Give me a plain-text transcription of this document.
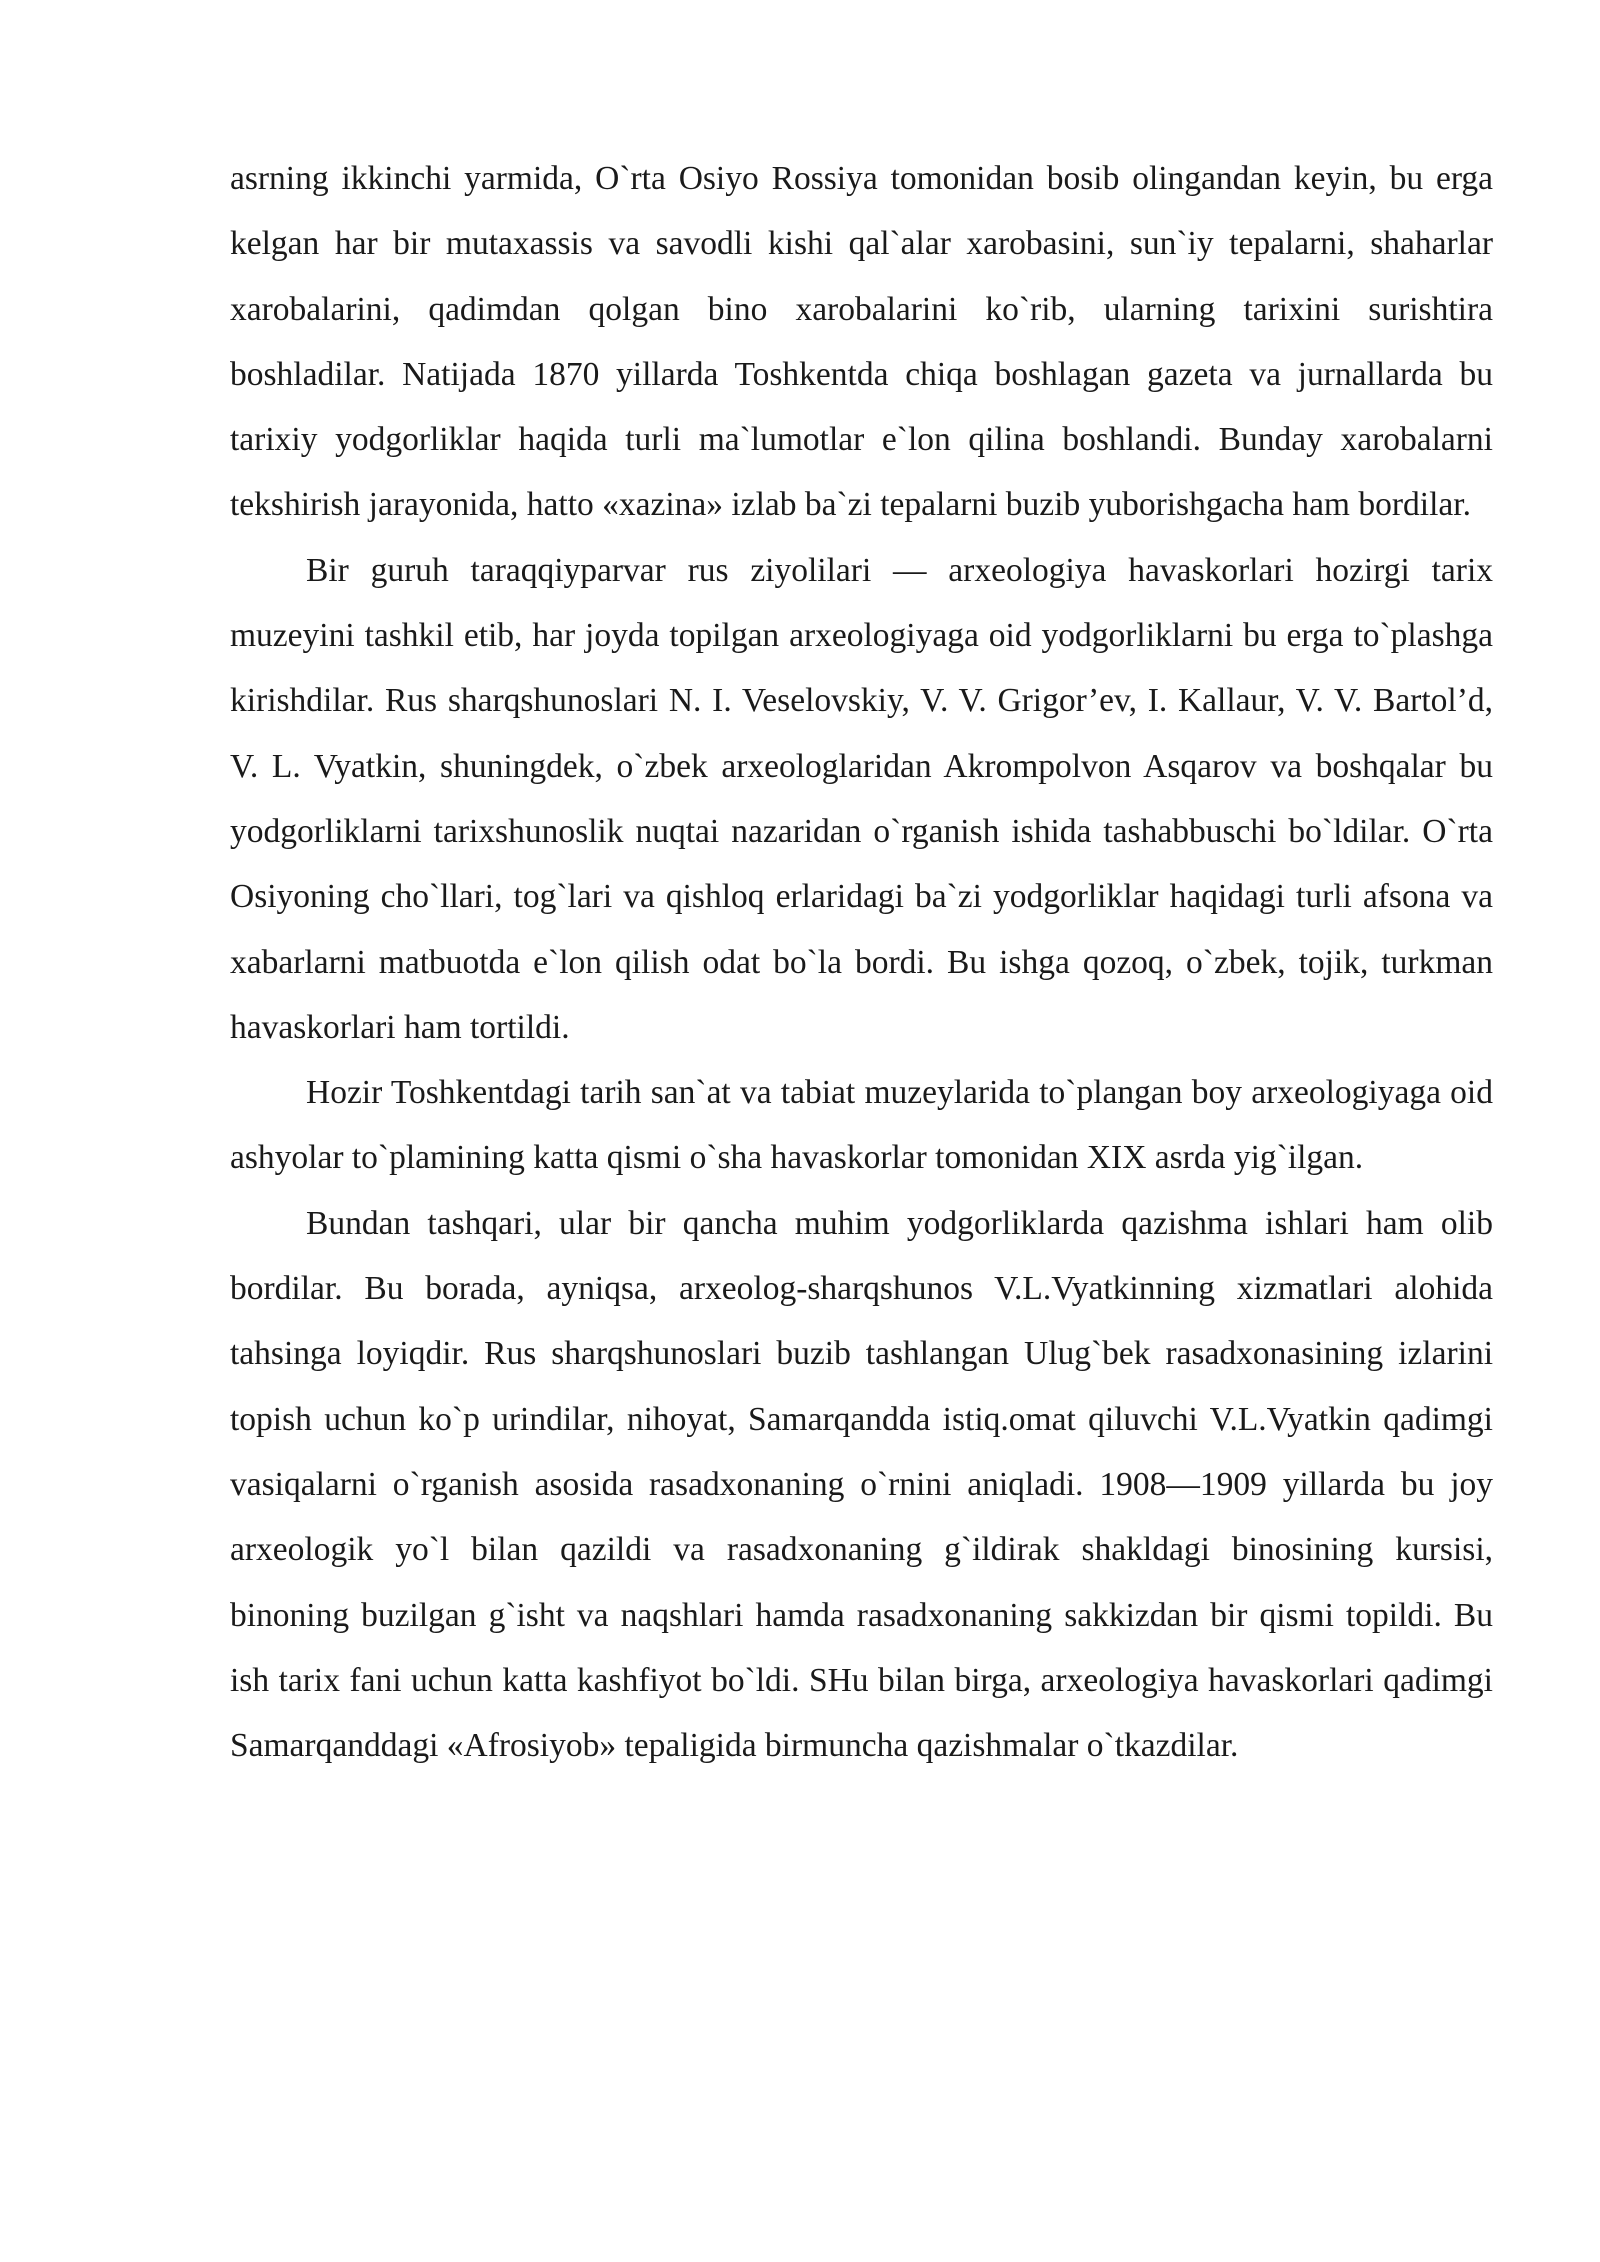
asrning ikkinchi yarmida, O`rta Osiyo Rossiya tomonidan bosib olingandan keyin, bu erga kelgan har bir mutaxassis va savodli kishi qal`alar xarobasini, sun`iy tepalarni, shaharlar xarobalarini, qadimdan qolgan bino xarobalarini ko`rib, ularning tarixini surishtira boshladilar. Natijada 1870 yillarda Toshkentda chiqa boshlagan gazeta va jurnallarda bu tarixiy yodgorliklar haqida turli ma`lumotlar e`lon qilina boshlandi. Bunday xarobalarni tekshirish jarayonida, hatto «xazina» izlab ba`zi tepalarni buzib yuborishgacha ham bordilar.

Bir guruh taraqqiyparvar rus ziyolilari — arxeologiya havaskorlari hozirgi tarix muzeyini tashkil etib, har joyda topilgan arxeologiyaga oid yodgorliklarni bu erga to`plashga kirishdilar. Rus sharqshunoslari N. I. Veselovskiy, V. V. Grigor’ev, I. Kallaur, V. V. Bartol’d, V. L. Vyatkin, shuningdek, o`zbek arxeologlaridan Akrompolvon Asqarov va boshqalar bu yodgorliklarni tarixshunoslik nuqtai nazaridan o`rganish ishida tashabbuschi bo`ldilar. O`rta Osiyoning cho`llari, tog`lari va qishloq erlaridagi ba`zi yodgorliklar haqidagi turli afsona va xabarlarni matbuotda e`lon qilish odat bo`la bordi. Bu ishga qozoq, o`zbek, tojik, turkman havaskorlari ham tortildi.

Hozir Toshkentdagi tarih san`at va tabiat muzeylarida to`plangan boy arxeologiyaga oid ashyolar to`plamining katta qismi o`sha havaskorlar tomonidan XIX asrda yig`ilgan.

Bundan tashqari, ular bir qancha muhim yodgorliklarda qazishma ishlari ham olib bordilar. Bu borada, ayniqsa, arxeolog-sharqshunos V.L.Vyatkinning xizmatlari alohida tahsinga loyiqdir. Rus sharqshunoslari buzib tashlangan Ulug`bek rasadxonasining izlarini topish uchun ko`p urindilar, nihoyat, Samarqandda istiq.omat qiluvchi V.L.Vyatkin qadimgi vasiqalarni o`rganish asosida rasadxonaning o`rnini aniqladi. 1908—1909 yillarda bu joy arxeologik yo`l bilan qazildi va rasadxonaning g`ildirak shakldagi binosining kursisi, binoning buzilgan g`isht va naqshlari hamda rasadxonaning sakkizdan bir qismi topildi. Bu ish tarix fani uchun katta kashfiyot bo`ldi. SHu bilan birga, arxeologiya havaskorlari qadimgi Samarqanddagi «Afrosiyob» tepaligida birmuncha qazishmalar o`tkazdilar.
